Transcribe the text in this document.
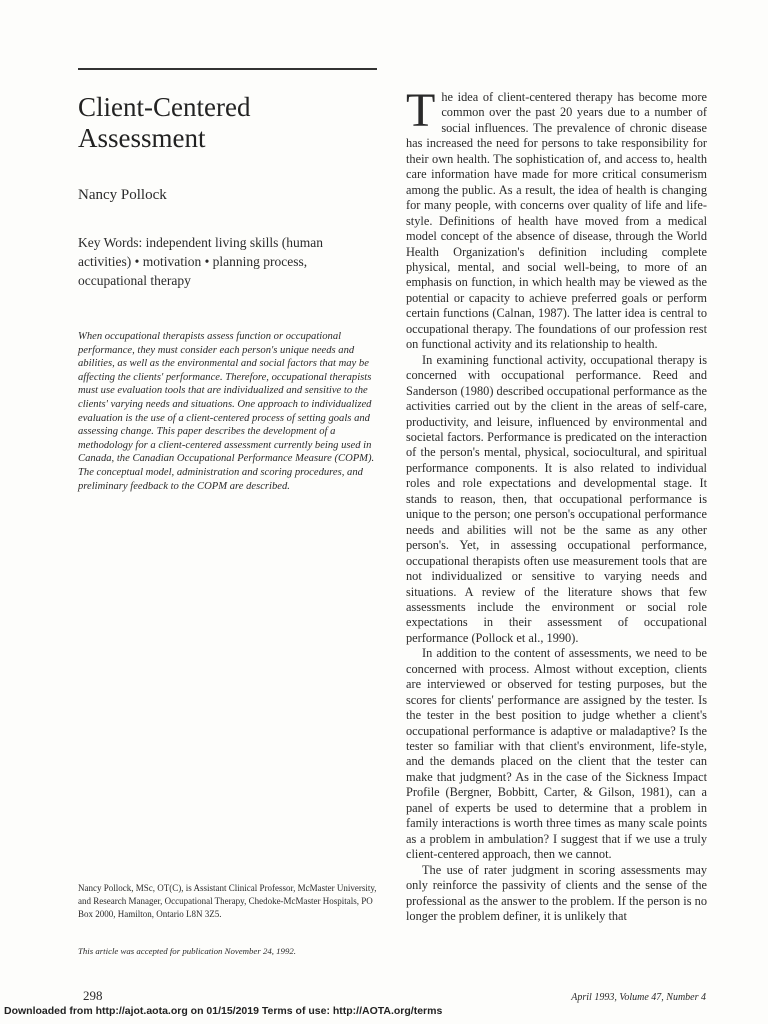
Client-Centered
Assessment
Nancy Pollock
Key Words: independent living skills (human activities) • motivation • planning process, occupational therapy
When occupational therapists assess function or occupational performance, they must consider each person's unique needs and abilities, as well as the environmental and social factors that may be affecting the clients' performance. Therefore, occupational therapists must use evaluation tools that are individualized and sensitive to the clients' varying needs and situations. One approach to individualized evaluation is the use of a client-centered process of setting goals and assessing change. This paper describes the development of a methodology for a client-centered assessment currently being used in Canada, the Canadian Occupational Performance Measure (COPM). The conceptual model, administration and scoring procedures, and preliminary feedback to the COPM are described.
Nancy Pollock, MSc, OT(C), is Assistant Clinical Professor, McMaster University, and Research Manager, Occupational Therapy, Chedoke-McMaster Hospitals, PO Box 2000, Hamilton, Ontario L8N 3Z5.
This article was accepted for publication November 24, 1992.

The idea of client-centered therapy has become more common over the past 20 years due to a number of social influences. The prevalence of chronic disease has increased the need for persons to take responsibility for their own health. The sophistication of, and access to, health care information have made for more critical consumerism among the public. As a result, the idea of health is changing for many people, with concerns over quality of life and life-style. Definitions of health have moved from a medical model concept of the absence of disease, through the World Health Organization's definition including complete physical, mental, and social well-being, to more of an emphasis on function, in which health may be viewed as the potential or capacity to achieve preferred goals or perform certain functions (Calnan, 1987). The latter idea is central to occupational therapy. The foundations of our profession rest on functional activity and its relationship to health.

In examining functional activity, occupational therapy is concerned with occupational performance. Reed and Sanderson (1980) described occupational performance as the activities carried out by the client in the areas of self-care, productivity, and leisure, influenced by environmental and societal factors. Performance is predicated on the interaction of the person's mental, physical, sociocultural, and spiritual performance components. It is also related to individual roles and role expectations and developmental stage. It stands to reason, then, that occupational performance is unique to the person; one person's occupational performance needs and abilities will not be the same as any other person's. Yet, in assessing occupational performance, occupational therapists often use measurement tools that are not individualized or sensitive to varying needs and situations. A review of the literature shows that few assessments include the environment or social role expectations in their assessment of occupational performance (Pollock et al., 1990).

In addition to the content of assessments, we need to be concerned with process. Almost without exception, clients are interviewed or observed for testing purposes, but the scores for clients' performance are assigned by the tester. Is the tester in the best position to judge whether a client's occupational performance is adaptive or maladaptive? Is the tester so familiar with that client's environment, life-style, and the demands placed on the client that the tester can make that judgment? As in the case of the Sickness Impact Profile (Bergner, Bobbitt, Carter, & Gilson, 1981), can a panel of experts be used to determine that a problem in family interactions is worth three times as many scale points as a problem in ambulation? I suggest that if we use a truly client-centered approach, then we cannot.

The use of rater judgment in scoring assessments may only reinforce the passivity of clients and the sense of the professional as the answer to the problem. If the person is no longer the problem definer, it is unlikely that

298	April 1993, Volume 47, Number 4
Downloaded from http://ajot.aota.org on 01/15/2019 Terms of use: http://AOTA.org/terms
